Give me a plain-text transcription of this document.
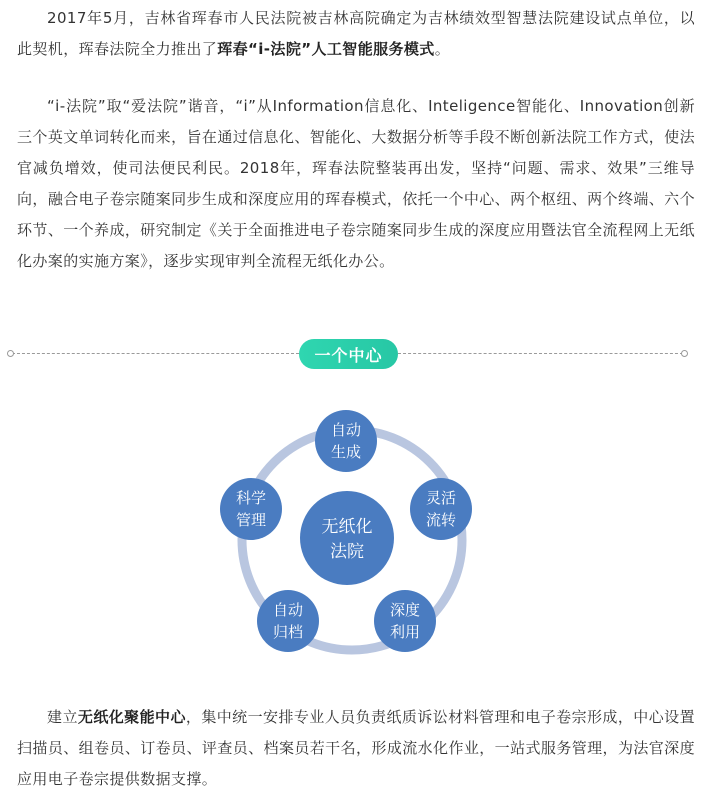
2017年5月，吉林省珲春市人民法院被吉林高院确定为吉林绩效型智慧法院建设试点单位，以此契机，珲春法院全力推出了珲春“i-法院”人工智能服务模式。

“i-法院”取“爱法院”谐音，“i”从Information信息化、Inteligence智能化、Innovation创新三个英文单词转化而来，旨在通过信息化、智能化、大数据分析等手段不断创新法院工作方式，使法官减负增效，使司法便民利民。2018年，珲春法院整装再出发，坚持“问题、需求、效果”三维导向，融合电子卷宗随案同步生成和深度应用的珲春模式，依托一个中心、两个枢纽、两个终端、六个环节、一个养成，研究制定《关于全面推进电子卷宗随案同步生成的深度应用暨法官全流程网上无纸化办案的实施方案》，逐步实现审判全流程无纸化办公。

一个中心
无纸化
法院
自动
生成
灵活
流转
深度
利用
自动
归档
科学
管理

建立无纸化聚能中心，集中统一安排专业人员负责纸质诉讼材料管理和电子卷宗形成，中心设置扫描员、组卷员、订卷员、评查员、档案员若干名，形成流水化作业，一站式服务管理，为法官深度应用电子卷宗提供数据支撑。
